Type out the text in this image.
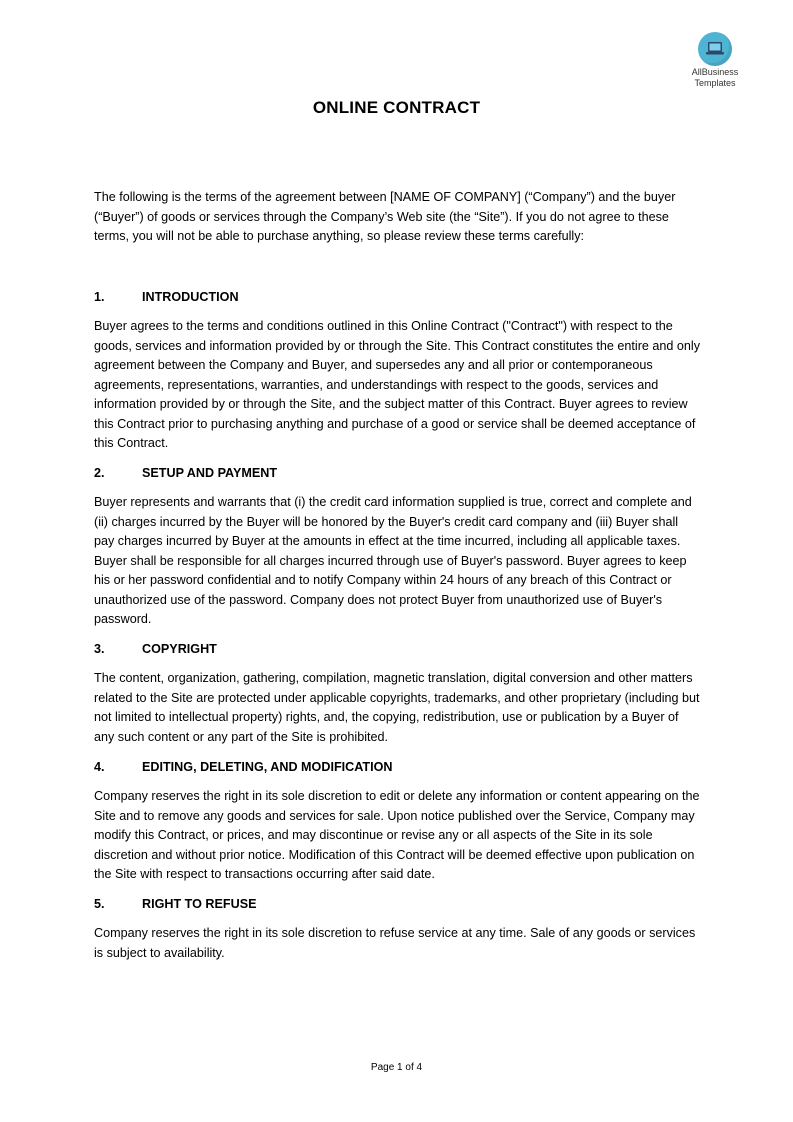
AllBusiness
Templates
ONLINE CONTRACT

The following is the terms of the agreement between [NAME OF COMPANY] (“Company”) and the buyer (“Buyer”) of goods or services through the Company’s Web site (the “Site”). If you do not agree to these terms, you will not be able to purchase anything, so please review these terms carefully:

1.	INTRODUCTION

Buyer agrees to the terms and conditions outlined in this Online Contract ("Contract") with respect to the goods, services and information provided by or through the Site. This Contract constitutes the entire and only agreement between the Company and Buyer, and supersedes any and all prior or contemporaneous agreements, representations, warranties, and understandings with respect to the goods, services and information provided by or through the Site, and the subject matter of this Contract. Buyer agrees to review this Contract prior to purchasing anything and purchase of a good or service shall be deemed acceptance of this Contract.

2.	SETUP AND PAYMENT

Buyer represents and warrants that (i) the credit card information supplied is true, correct and complete and (ii) charges incurred by the Buyer will be honored by the Buyer's credit card company and (iii) Buyer shall pay charges incurred by Buyer at the amounts in effect at the time incurred, including all applicable taxes. Buyer shall be responsible for all charges incurred through use of Buyer's password. Buyer agrees to keep his or her password confidential and to notify Company within 24 hours of any breach of this Contract or unauthorized use of the password. Company does not protect Buyer from unauthorized use of Buyer's password.

3.	COPYRIGHT

The content, organization, gathering, compilation, magnetic translation, digital conversion and other matters related to the Site are protected under applicable copyrights, trademarks, and other proprietary (including but not limited to intellectual property) rights, and, the copying, redistribution, use or publication by a Buyer of any such content or any part of the Site is prohibited.

4.	EDITING, DELETING, AND MODIFICATION

Company reserves the right in its sole discretion to edit or delete any information or content appearing on the Site and to remove any goods and services for sale. Upon notice published over the Service, Company may modify this Contract, or prices, and may discontinue or revise any or all aspects of the Site in its sole discretion and without prior notice. Modification of this Contract will be deemed effective upon publication on the Site with respect to transactions occurring after said date.

5.	RIGHT TO REFUSE

Company reserves the right in its sole discretion to refuse service at any time. Sale of any goods or services is subject to availability.

Page 1 of 4
